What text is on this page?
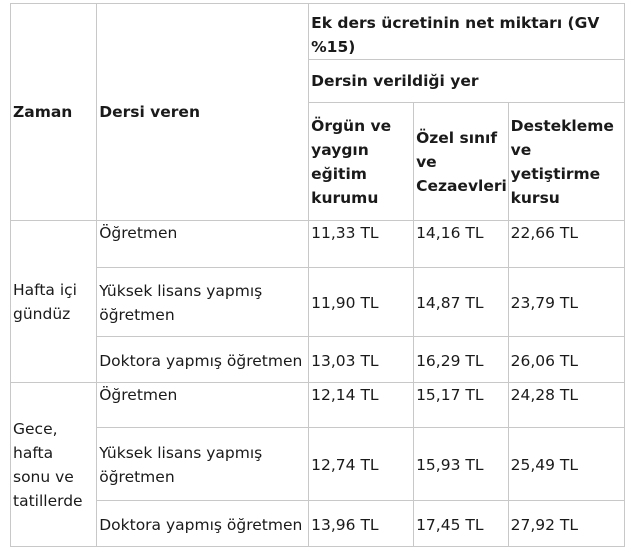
Zaman	Dersi veren	Ek ders ücretinin net miktarı (GV %15)		
		Dersin verildiği yer		
		Örgün ve yaygın eğitim kurumu	Özel sınıf ve Cezaevleri	Destekleme ve yetiştirme kursu
Hafta içi gündüz	Öğretmen	11,33 TL	14,16 TL	22,66 TL
	Yüksek lisans yapmış öğretmen	11,90 TL	14,87 TL	23,79 TL
	Doktora yapmış öğretmen	13,03 TL	16,29 TL	26,06 TL
Gece, hafta sonu ve tatillerde	Öğretmen	12,14 TL	15,17 TL	24,28 TL
	Yüksek lisans yapmış öğretmen	12,74 TL	15,93 TL	25,49 TL
	Doktora yapmış öğretmen	13,96 TL	17,45 TL	27,92 TL
